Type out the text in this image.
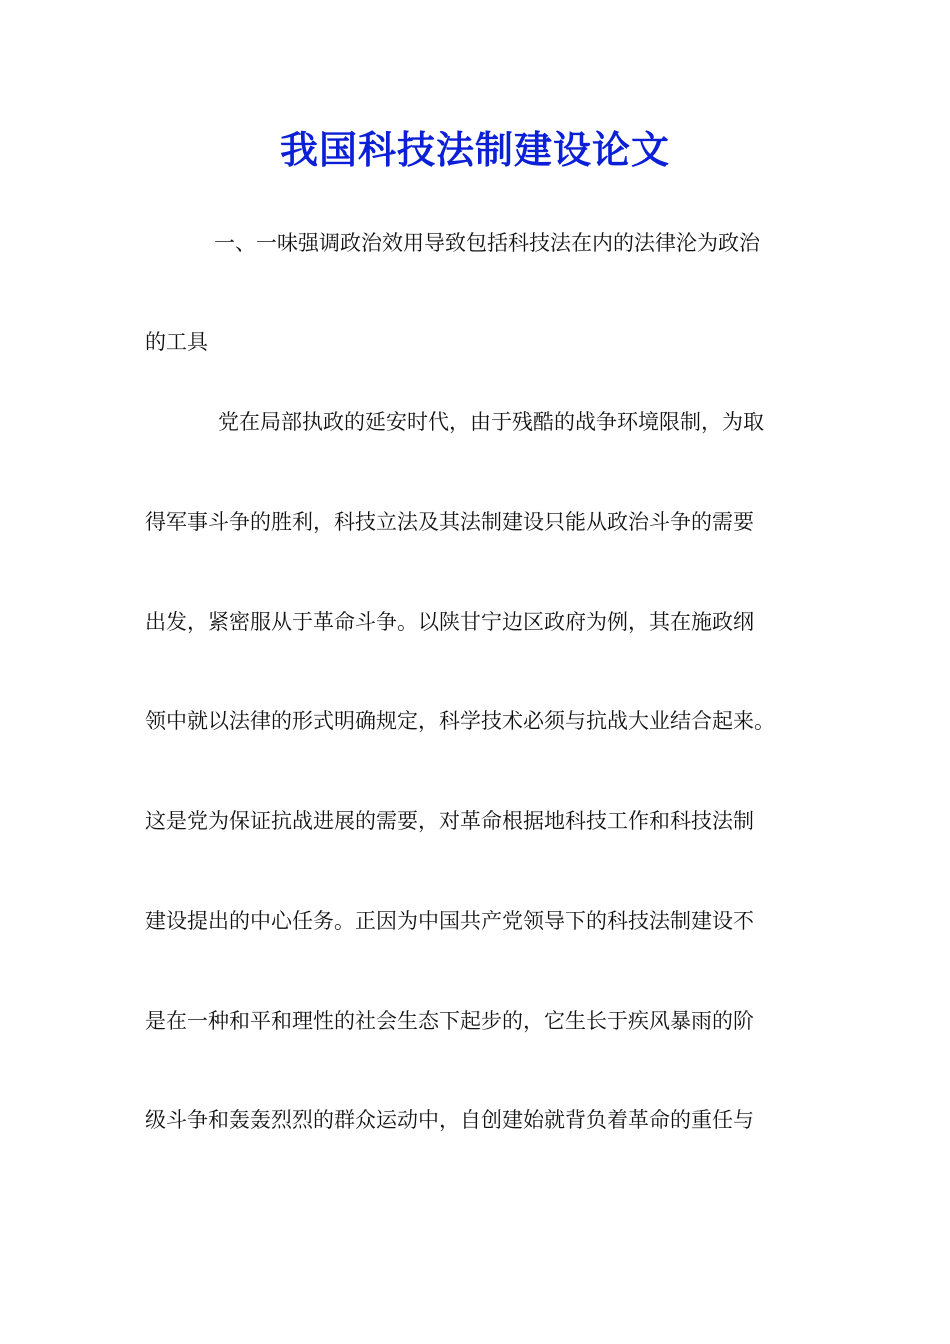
我国科技法制建设论文

一、一味强调政治效用导致包括科技法在内的法律沦为政治

的工具

党在局部执政的延安时代，由于残酷的战争环境限制，为取

得军事斗争的胜利，科技立法及其法制建设只能从政治斗争的需要

出发，紧密服从于革命斗争。以陕甘宁边区政府为例，其在施政纲

领中就以法律的形式明确规定，科学技术必须与抗战大业结合起来。

这是党为保证抗战进展的需要，对革命根据地科技工作和科技法制

建设提出的中心任务。正因为中国共产党领导下的科技法制建设不

是在一种和平和理性的社会生态下起步的，它生长于疾风暴雨的阶

级斗争和轰轰烈烈的群众运动中，自创建始就背负着革命的重任与
